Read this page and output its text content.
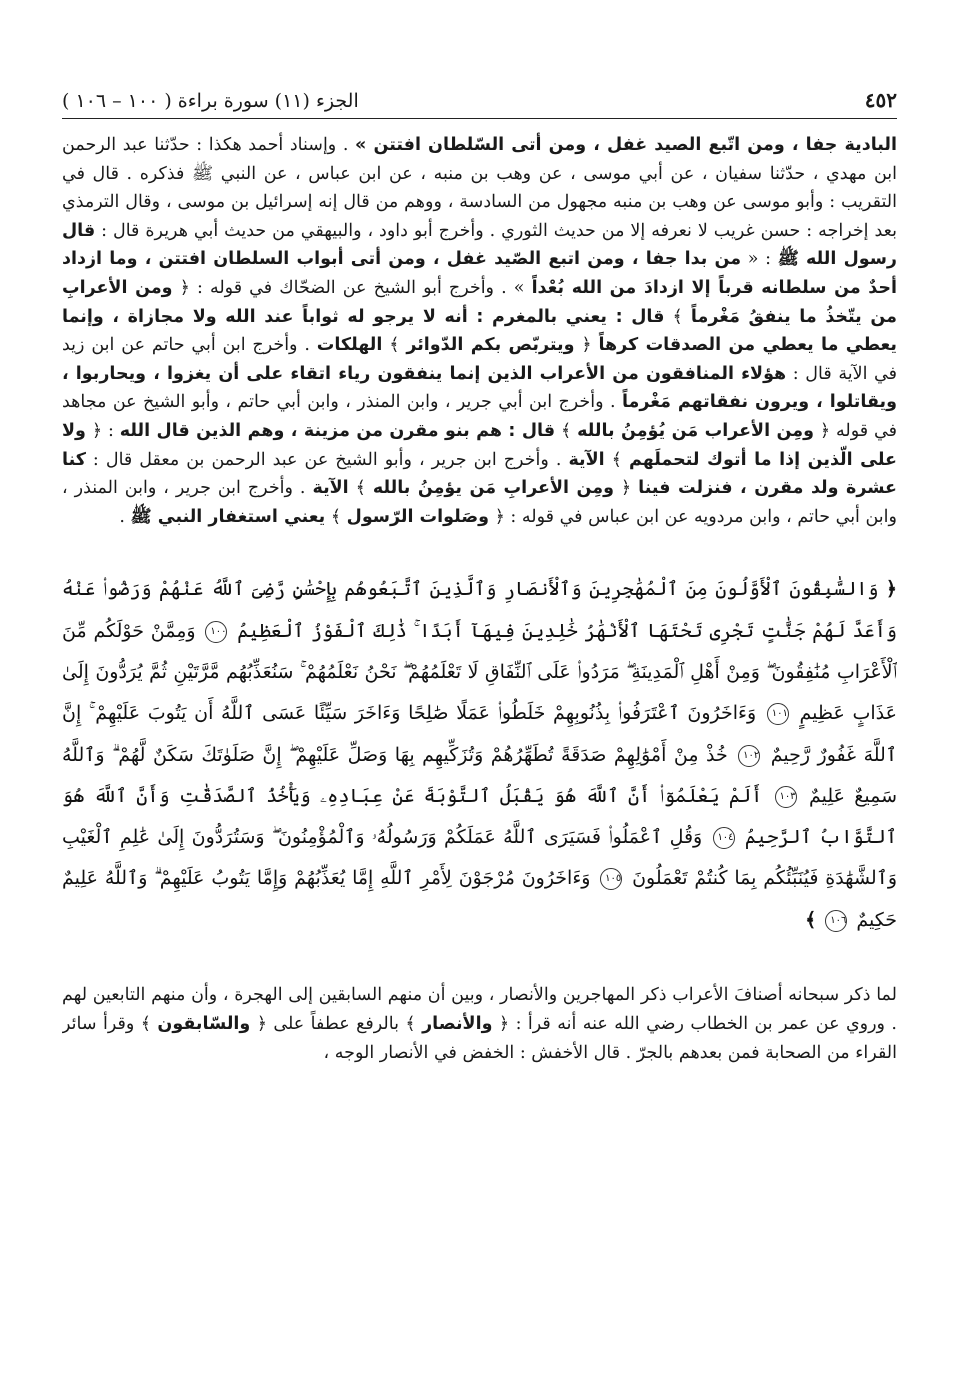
٤٥٢
الجزء (١١) سورة براءة ( ١٠٠ – ١٠٦ )

البادية جفا ، ومن اتّبع الصيد غفل ، ومن أتى السّلطان افتتن » . وإسناد أحمد هكذا : حدّثنا عبد الرحمن ابن مهدي ، حدّثنا سفيان ، عن أبي موسى ، عن وهب بن منبه ، عن ابن عباس ، عن النبي ﷺ فذكره . قال في التقريب : وأبو موسى عن وهب بن منبه مجهول من السادسة ، ووهم من قال إنه إسرائيل بن موسى ، وقال الترمذي بعد إخراجه : حسن غريب لا نعرفه إلا من حديث الثوري . وأخرج أبو داود ، والبيهقي من حديث أبي هريرة قال : قال رسول الله ﷺ : « من بدا جفا ، ومن اتبع الصّيد غفل ، ومن أتى أبواب السلطان افتتن ، وما ازداد أحدٌ من سلطانه قرباً إلا ازدادَ من الله بُعْداً » . وأخرج أبو الشيخ عن الضحّاك في قوله : ﴿ ومن الأعرابِ من يتّخذُ ما ينفقُ مَغْرماً ﴾ قال : يعني بالمغرم : أنه لا يرجو له ثواباً عند الله ولا مجازاة ، وإنما يعطي ما يعطي من الصدقات كرهاً ﴿ ويتربّص بكم الدّوائر ﴾ الهلكات . وأخرج ابن أبي حاتم عن ابن زيد في الآية قال : هؤلاء المنافقون من الأعراب الذين إنما ينفقون رياء اتقاء على أن يغزوا ، ويحاربوا ، ويقاتلوا ، ويرون نفقاتهم مَغْرماً . وأخرج ابن أبي جرير ، وابن المنذر ، وابن أبي حاتم ، وأبو الشيخ عن مجاهد في قوله ﴿ ومِن الأعراب مَن يُؤمِنُ بالله ﴾ قال : هم بنو مقرن من مزينة ، وهم الذين قال الله : ﴿ ولا على الّذين إذا ما أتوك لتحملَهم ﴾ الآية . وأخرج ابن جرير ، وأبو الشيخ عن عبد الرحمن بن معقل قال : كنا عشرة ولد مقرن ، فنزلت فينا ﴿ ومِن الأعرابِ مَن يؤمِنُ بالله ﴾ الآية . وأخرج ابن جرير ، وابن المنذر ، وابن أبي حاتم ، وابن مردويه عن ابن عباس في قوله : ﴿ وصَلوات الرّسول ﴾ يعني استغفار النبي ﷺ .

﴿ وَالسَّٰبِقُونَ ٱلْأَوَّلُونَ مِنَ ٱلْمُهَٰجِرِينَ وَٱلْأَنصَارِ وَٱلَّذِينَ ٱتَّبَعُوهُم بِإِحْسَٰنٍ رَّضِىَ ٱللَّهُ عَنْهُمْ وَرَضُوا۟ عَنْهُ وَأَعَدَّ لَهُمْ جَنَّٰتٍ تَجْرِى تَحْتَهَا ٱلْأَنْهَٰرُ خَٰلِدِينَ فِيهَآ أَبَدًا ۚ ذَٰلِكَ ٱلْفَوْزُ ٱلْعَظِيمُ ١٠٠ وَمِمَّنْ حَوْلَكُم مِّنَ ٱلْأَعْرَابِ مُنَٰفِقُونَ ۖ وَمِنْ أَهْلِ ٱلْمَدِينَةِ ۖ مَرَدُوا۟ عَلَى ٱلنِّفَاقِ لَا تَعْلَمُهُمْ ۖ نَحْنُ نَعْلَمُهُمْ ۚ سَنُعَذِّبُهُم مَّرَّتَيْنِ ثُمَّ يُرَدُّونَ إِلَىٰ عَذَابٍ عَظِيمٍ ١٠١ وَءَاخَرُونَ ٱعْتَرَفُوا۟ بِذُنُوبِهِمْ خَلَطُوا۟ عَمَلًا صَٰلِحًا وَءَاخَرَ سَيِّئًا عَسَى ٱللَّهُ أَن يَتُوبَ عَلَيْهِمْ ۚ إِنَّ ٱللَّهَ غَفُورٌ رَّحِيمٌ ١٠٢ خُذْ مِنْ أَمْوَٰلِهِمْ صَدَقَةً تُطَهِّرُهُمْ وَتُزَكِّيهِم بِهَا وَصَلِّ عَلَيْهِمْ ۖ إِنَّ صَلَوٰتَكَ سَكَنٌ لَّهُمْ ۗ وَٱللَّهُ سَمِيعٌ عَلِيمٌ ١٠٣ أَلَمْ يَعْلَمُوٓا۟ أَنَّ ٱللَّهَ هُوَ يَقْبَلُ ٱلتَّوْبَةَ عَنْ عِبَادِهِۦ وَيَأْخُذُ ٱلصَّدَقَٰتِ وَأَنَّ ٱللَّهَ هُوَ ٱلتَّوَّابُ ٱلرَّحِيمُ ١٠٤ وَقُلِ ٱعْمَلُوا۟ فَسَيَرَى ٱللَّهُ عَمَلَكُمْ وَرَسُولُهُۥ وَٱلْمُؤْمِنُونَ ۖ وَسَتُرَدُّونَ إِلَىٰ عَٰلِمِ ٱلْغَيْبِ وَٱلشَّهَٰدَةِ فَيُنَبِّئُكُم بِمَا كُنتُمْ تَعْمَلُونَ ١٠٥ وَءَاخَرُونَ مُرْجَوْنَ لِأَمْرِ ٱللَّهِ إِمَّا يُعَذِّبُهُمْ وَإِمَّا يَتُوبُ عَلَيْهِمْ ۗ وَٱللَّهُ عَلِيمٌ حَكِيمٌ ١٠٦ ﴾

لما ذكر سبحانه أصنافَ الأعراب ذكر المهاجرين والأنصار ، وبين أن منهم السابقين إلى الهجرة ، وأن منهم التابعين لهم . وروي عن عمر بن الخطاب رضي الله عنه أنه قرأ : ﴿ والأنصار ﴾ بالرفع عطفاً على ﴿ والسّابقون ﴾ وقرأ سائر القراء من الصحابة فمن بعدهم بالجرّ . قال الأخفش : الخفض في الأنصار الوجه ،
